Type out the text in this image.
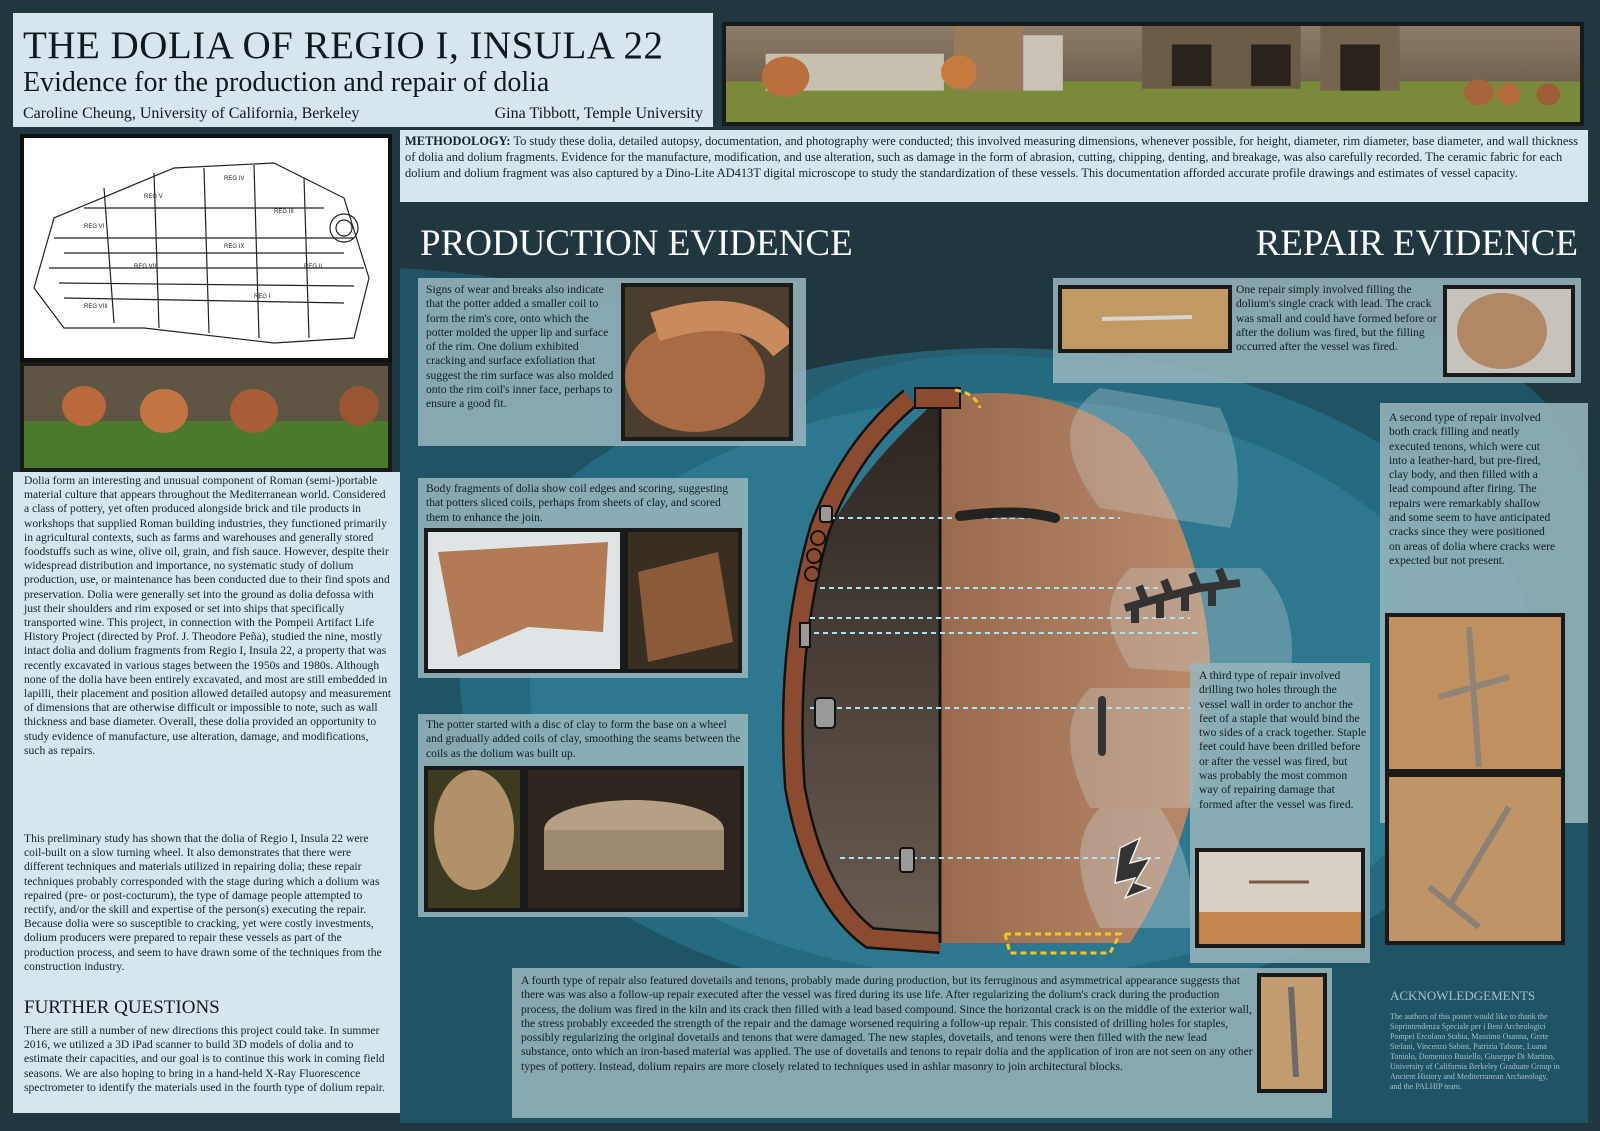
THE DOLIA OF REGIO I, INSULA 22
Evidence for the production and repair of dolia
Caroline Cheung, University of California, Berkeley	Gina Tibbott, Temple University
REG IV
REG V
REG VI
REG VII
REG VIII
REG IX
REG I
REG II
REG III
Dolia form an interesting and unusual component of Roman (semi-)portable material culture that appears throughout the Mediterranean world. Considered a class of pottery, yet often produced alongside brick and tile products in workshops that supplied Roman building industries, they functioned primarily in agricultural contexts, such as farms and warehouses and generally stored foodstuffs such as wine, olive oil, grain, and fish sauce. However, despite their widespread distribution and importance, no systematic study of dolium production, use, or maintenance has been conducted due to their find spots and preservation. Dolia were generally set into the ground as dolia defossa with just their shoulders and rim exposed or set into ships that specifically transported wine. This project, in connection with the Pompeii Artifact Life History Project (directed by Prof. J. Theodore Peña), studied the nine, mostly intact dolia and dolium fragments from Regio I, Insula 22, a property that was recently excavated in various stages between the 1950s and 1980s. Although none of the dolia have been entirely excavated, and most are still embedded in lapilli, their placement and position allowed detailed autopsy and measurement of dimensions that are otherwise difficult or impossible to note, such as wall thickness and base diameter. Overall, these dolia provided an opportunity to study evidence of manufacture, use alteration, damage, and modifications, such as repairs.
This preliminary study has shown that the dolia of Regio I, Insula 22 were coil-built on a slow turning wheel. It also demonstrates that there were different techniques and materials utilized in repairing dolia; these repair techniques probably corresponded with the stage during which a dolium was repaired (pre- or post-cocturum), the type of damage people attempted to rectify, and/or the skill and expertise of the person(s) executing the repair. Because dolia were so susceptible to cracking, yet were costly investments, dolium producers were prepared to repair these vessels as part of the production process, and seem to have drawn some of the techniques from the construction industry.
FURTHER QUESTIONS
There are still a number of new directions this project could take. In summer 2016, we utilized a 3D iPad scanner to build 3D models of dolia and to estimate their capacities, and our goal is to continue this work in coming field seasons. We are also hoping to bring in a hand-held X-Ray Fluorescence spectrometer to identify the materials used in the fourth type of dolium repair.
METHODOLOGY: To study these dolia, detailed autopsy, documentation, and photography were conducted; this involved measuring dimensions, whenever possible, for height, diameter, rim diameter, base diameter, and wall thickness of dolia and dolium fragments. Evidence for the manufacture, modification, and use alteration, such as damage in the form of abrasion, cutting, chipping, denting, and breakage, was also carefully recorded. The ceramic fabric for each dolium and dolium fragment was also captured by a Dino-Lite AD413T digital microscope to study the standardization of these vessels. This documentation afforded accurate profile drawings and estimates of vessel capacity.
PRODUCTION EVIDENCE	REPAIR EVIDENCE
Signs of wear and breaks also indicate that the potter added a smaller coil to form the rim's core, onto which the potter molded the upper lip and surface of the rim. One dolium exhibited cracking and surface exfoliation that suggest the rim surface was also molded onto the rim coil's inner face, perhaps to ensure a good fit.
Body fragments of dolia show coil edges and scoring, suggesting that potters sliced coils, perhaps from sheets of clay, and scored them to enhance the join.
The potter started with a disc of clay to form the base on a wheel and gradually added coils of clay, smoothing the seams between the coils as the dolium was built up.
One repair simply involved filling the dolium's single crack with lead. The crack was small and could have formed before or after the dolium was fired, but the filling occurred after the vessel was fired.
A second type of repair involved both crack filling and neatly executed tenons, which were cut into a leather-hard, but pre-fired, clay body, and then filled with a lead compound after firing. The repairs were remarkably shallow and some seem to have anticipated cracks since they were positioned on areas of dolia where cracks were expected but not present.
A third type of repair involved drilling two holes through the vessel wall in order to anchor the feet of a staple that would bind the two sides of a crack together. Staple feet could have been drilled before or after the vessel was fired, but was probably the most common way of repairing damage that formed after the vessel was fired.
A fourth type of repair also featured dovetails and tenons, probably made during production, but its ferruginous and asymmetrical appearance suggests that there was was also a follow-up repair executed after the vessel was fired during its use life. After regularizing the dolium's crack during the production process, the dolium was fired in the kiln and its crack then filled with a lead based compound. Since the horizontal crack is on the middle of the exterior wall, the stress probably exceeded the strength of the repair and the damage worsened requiring a follow-up repair. This consisted of drilling holes for staples, possibly regularizing the original dovetails and tenons that were damaged. The new staples, dovetails, and tenons were then filled with the new lead substance, onto which an iron-based material was applied. The use of dovetails and tenons to repair dolia and the application of iron are not seen on any other types of pottery. Instead, dolium repairs are more closely related to techniques used in ashlar masonry to join architectural blocks.
ACKNOWLEDGEMENTS
The authors of this poster would like to thank the Soprintendenza Speciale per i Beni Archeologici Pompei Ercolano Stabia, Massimo Osanna, Grete Stefani, Vincenzo Sabini, Patrizia Tabone, Luana Toniolo, Domenico Busiello, Giuseppe Di Martino, University of California Berkeley Graduate Group in Ancient History and Mediterranean Archaeology, and the PALHIP team.
